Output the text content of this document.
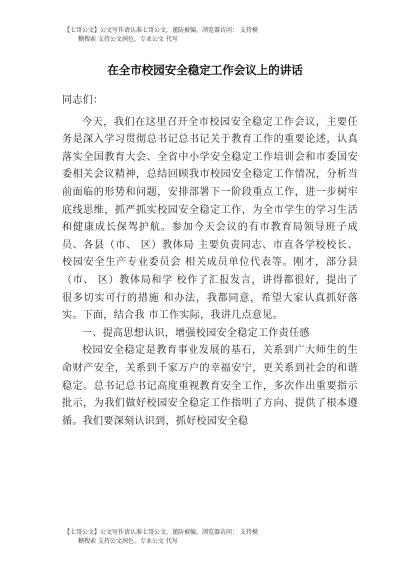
【七哥公文】公文写作请认准七哥公文，谨防被骗，浏览器访问： 支持模
糊搜索 支持公文润色、专业公文 代写
在全市校园安全稳定工作会议上的讲话

同志们：

今天，我们在这里召开全市校园安全稳定工作会议，主要任务是深入学习贯彻总书记总书记关于教育工作的重要论述，认真落实全国教育大会、全省中小学安全稳定工作培训会和市委国安委相关会议精神，总结回顾我市校园安全稳定工作情况，分析当前面临的形势和问题，安排部署下一阶段重点工作，进一步树牢底线思维，抓严抓实校园安全稳定工作，为全市学生的学习生活和健康成长保驾护航。参加今天会议的有市教育局领导班子成员、各县（市、 区）教体局 主要负责同志、市直各学校校长、校园安全生产专业委员会 相关成员单位代表等。刚才，部分县（市、 区）教体局和学 校作了汇报发言，讲得都很好，提出了很多切实可行的措施 和办法，我都同意，希望大家认真抓好落实。下面，结合我 市工作实际，我讲几点意见。

一、提高思想认识，增强校园安全稳定工作责任感

校园安全稳定是教育事业发展的基石，关系到广大师生的生命财产安全，关系到千家万户的幸福安宁，更关系到社会的和谐稳定。总书记总书记高度重视教育安全工作，多次作出重要指示批示，为我们做好校园安全稳定工作指明了方向、提供了根本遵循。我们要深刻认识到，抓好校园安全稳

【七哥公文】公文写作请认准七哥公文，谨防被骗，浏览器访问： 支持模
糊搜索 支持公文润色、专业公文 代写
